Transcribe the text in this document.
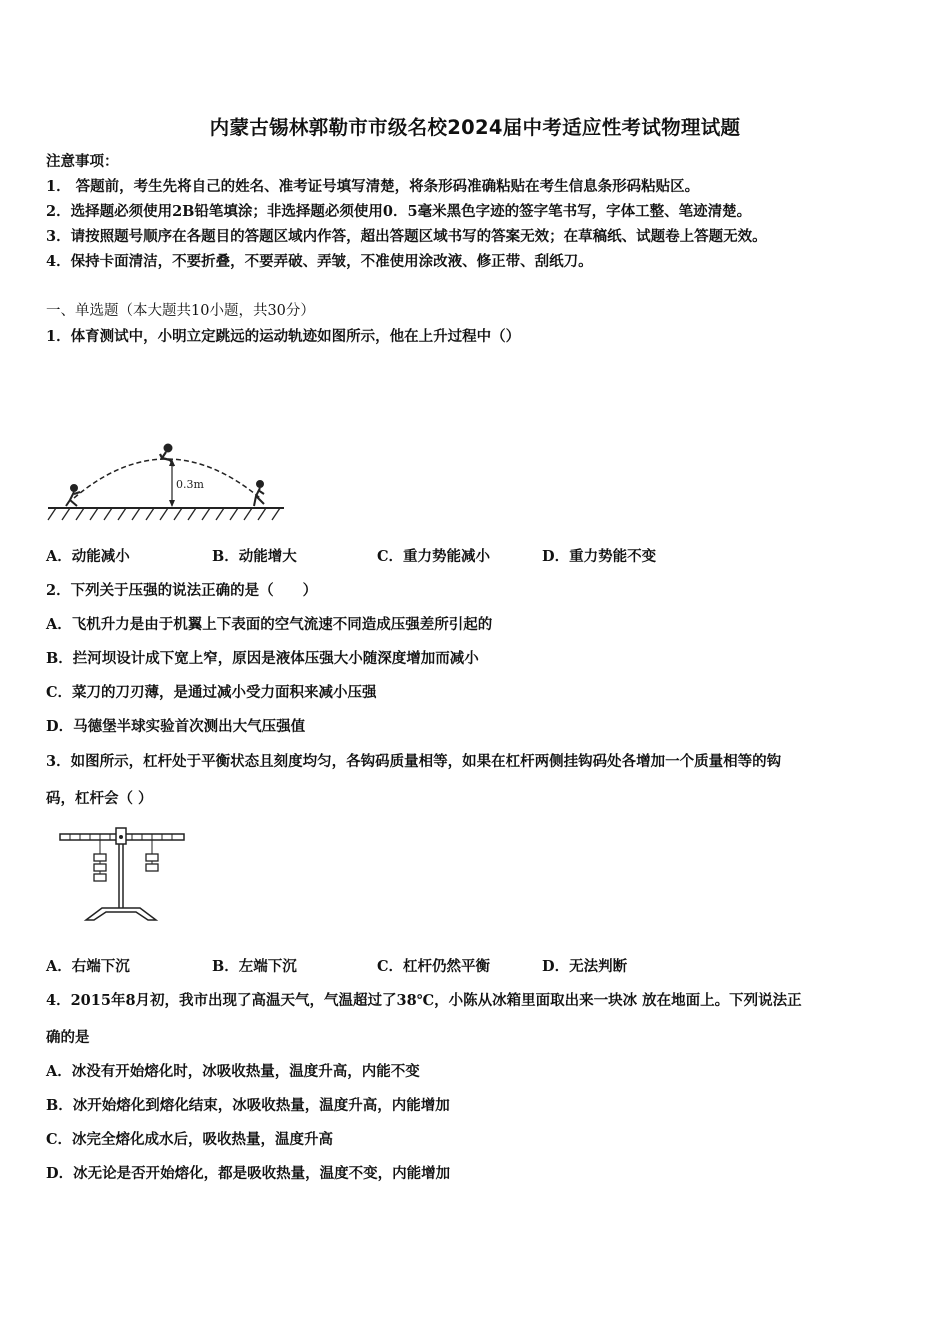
内蒙古锡林郭勒市市级名校2024届中考适应性考试物理试题
注意事项：
1． 答题前，考生先将自己的姓名、准考证号填写清楚，将条形码准确粘贴在考生信息条形码粘贴区。
2．选择题必须使用2B铅笔填涂；非选择题必须使用0．5毫米黑色字迹的签字笔书写，字体工整、笔迹清楚。
3．请按照题号顺序在各题目的答题区域内作答，超出答题区域书写的答案无效；在草稿纸、试题卷上答题无效。
4．保持卡面清洁，不要折叠，不要弄破、弄皱，不准使用涂改液、修正带、刮纸刀。
一、单选题（本大题共10小题，共30分）
1．体育测试中，小明立定跳远的运动轨迹如图所示，他在上升过程中（）
0.3m
A．动能减小	B．动能增大	C．重力势能减小	D．重力势能不变
2．下列关于压强的说法正确的是（　　）
A．飞机升力是由于机翼上下表面的空气流速不同造成压强差所引起的
B．拦河坝设计成下宽上窄，原因是液体压强大小随深度增加而减小
C．菜刀的刀刃薄，是通过减小受力面积来减小压强
D．马德堡半球实验首次测出大气压强值
3．如图所示，杠杆处于平衡状态且刻度均匀，各钩码质量相等，如果在杠杆两侧挂钩码处各增加一个质量相等的钩
码，杠杆会（ ）
A．右端下沉	B．左端下沉	C．杠杆仍然平衡	D．无法判断
4．2015年8月初，我市出现了高温天气，气温超过了38℃，小陈从冰箱里面取出来一块冰 放在地面上。下列说法正
确的是
A．冰没有开始熔化时，冰吸收热量，温度升高，内能不变
B．冰开始熔化到熔化结束，冰吸收热量，温度升高，内能增加
C．冰完全熔化成水后，吸收热量，温度升高
D．冰无论是否开始熔化，都是吸收热量，温度不变，内能增加
